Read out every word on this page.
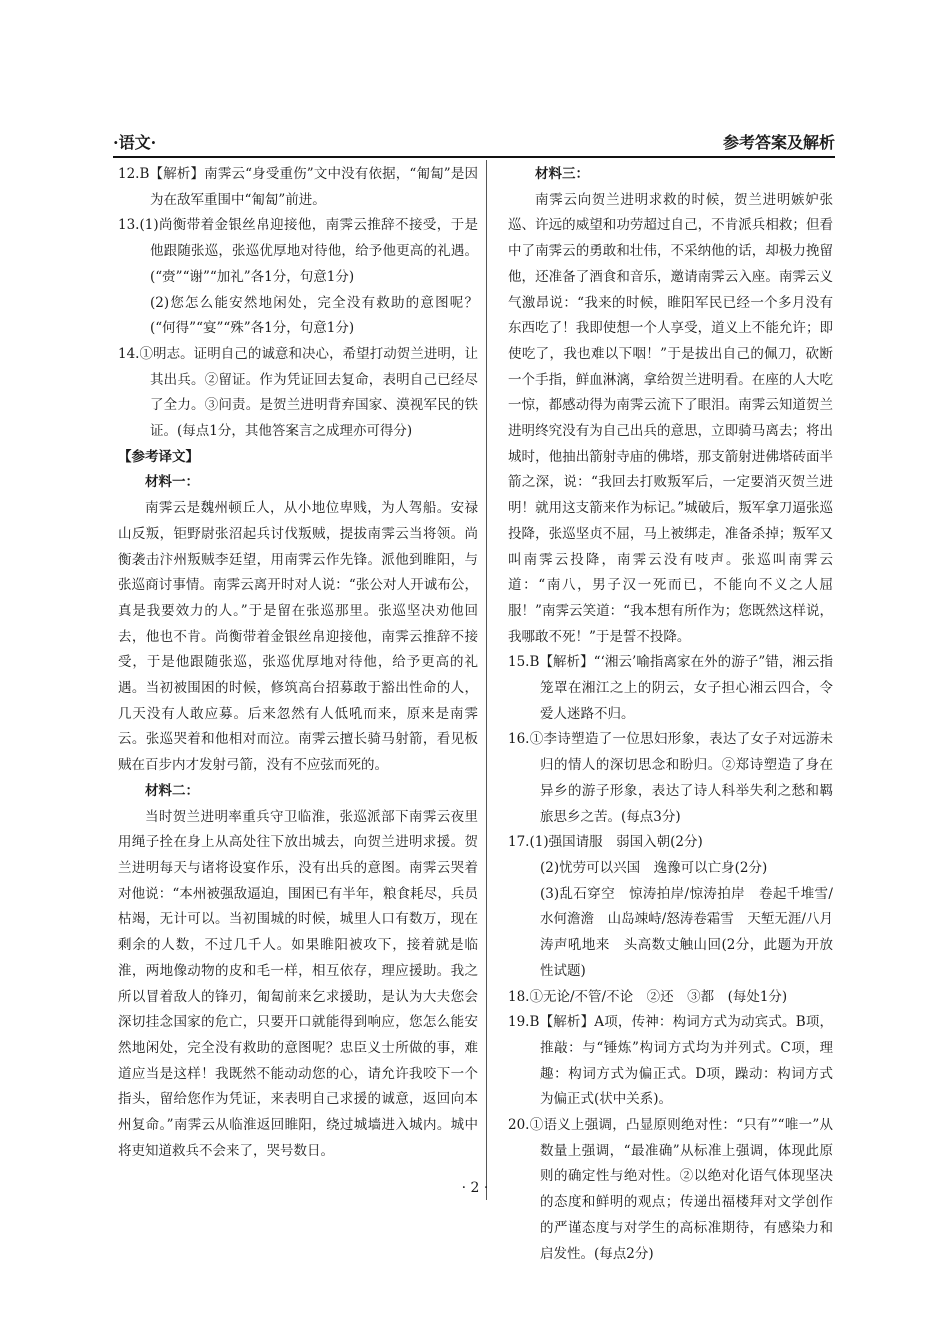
·语文·	参考答案及解析

12.B【解析】南霁云“身受重伤”文中没有依据，“匍匐”是因为在敌军重围中“匍匐”前进。

13.(1)尚衡带着金银丝帛迎接他，南霁云推辞不接受，于是他跟随张巡，张巡优厚地对待他，给予他更高的礼遇。(“赍”“谢”“加礼”各1分，句意1分)

(2)您怎么能安然地闲处，完全没有救助的意图呢？(“何得”“宴”“殊”各1分，句意1分)

14.①明志。证明自己的诚意和决心，希望打动贺兰进明，让其出兵。②留证。作为凭证回去复命，表明自己已经尽了全力。③问责。是贺兰进明背弃国家、漠视军民的铁证。(每点1分，其他答案言之成理亦可得分)

【参考译文】

材料一：

南霁云是魏州顿丘人，从小地位卑贱，为人驾船。安禄山反叛，钜野尉张沼起兵讨伐叛贼，提拔南霁云当将领。尚衡袭击汴州叛贼李廷望，用南霁云作先锋。派他到睢阳，与张巡商讨事情。南霁云离开时对人说：“张公对人开诚布公，真是我要效力的人。”于是留在张巡那里。张巡坚决劝他回去，他也不肯。尚衡带着金银丝帛迎接他，南霁云推辞不接受，于是他跟随张巡，张巡优厚地对待他，给予更高的礼遇。当初被围困的时候，修筑高台招募敢于豁出性命的人，几天没有人敢应募。后来忽然有人低吼而来，原来是南霁云。张巡哭着和他相对而泣。南霁云擅长骑马射箭，看见板贼在百步内才发射弓箭，没有不应弦而死的。

材料二：

当时贺兰进明率重兵守卫临淮，张巡派部下南霁云夜里用绳子拴在身上从高处往下放出城去，向贺兰进明求援。贺兰进明每天与诸将设宴作乐，没有出兵的意图。南霁云哭着对他说：“本州被强敌逼迫，围困已有半年，粮食耗尽，兵员枯竭，无计可以。当初围城的时候，城里人口有数万，现在剩余的人数，不过几千人。如果睢阳被攻下，接着就是临淮，两地像动物的皮和毛一样，相互依存，理应援助。我之所以冒着敌人的锋刃，匍匐前来乞求援助，是认为大夫您会深切挂念国家的危亡，只要开口就能得到响应，您怎么能安然地闲处，完全没有救助的意图呢？忠臣义士所做的事，难道应当是这样！我既然不能动动您的心，请允许我咬下一个指头，留给您作为凭证，来表明自己求援的诚意，返回向本州复命。”南霁云从临淮返回睢阳，绕过城墙进入城内。城中将吏知道救兵不会来了，哭号数日。

材料三：

南霁云向贺兰进明求救的时候，贺兰进明嫉妒张巡、许远的威望和功劳超过自己，不肯派兵相救；但看中了南霁云的勇敢和壮伟，不采纳他的话，却极力挽留他，还准备了酒食和音乐，邀请南霁云入座。南霁云义气激昂说：“我来的时候，睢阳军民已经一个多月没有东西吃了！我即使想一个人享受，道义上不能允许；即使吃了，我也难以下咽！”于是拔出自己的佩刀，砍断一个手指，鲜血淋漓，拿给贺兰进明看。在座的人大吃一惊，都感动得为南霁云流下了眼泪。南霁云知道贺兰进明终究没有为自己出兵的意思，立即骑马离去；将出城时，他抽出箭射寺庙的佛塔，那支箭射进佛塔砖面半箭之深，说：“我回去打败叛军后，一定要消灭贺兰进明！就用这支箭来作为标记。”城破后，叛军拿刀逼张巡投降，张巡坚贞不屈，马上被绑走，准备杀掉；叛军又叫南霁云投降，南霁云没有吱声。张巡叫南霁云道：“南八，男子汉一死而已，不能向不义之人屈服！”南霁云笑道：“我本想有所作为；您既然这样说，我哪敢不死！”于是誓不投降。

15.B【解析】“‘湘云’喻指离家在外的游子”错，湘云指笼罩在湘江之上的阴云，女子担心湘云四合，令爱人迷路不归。

16.①李诗塑造了一位思妇形象，表达了女子对远游未归的情人的深切思念和盼归。②郑诗塑造了身在异乡的游子形象，表达了诗人科举失利之愁和羁旅思乡之苦。(每点3分)

17.(1)强国请服　弱国入朝(2分)

(2)忧劳可以兴国　逸豫可以亡身(2分)

(3)乱石穿空　惊涛拍岸/惊涛拍岸　卷起千堆雪/水何澹澹　山岛竦峙/怒涛卷霜雪　天堑无涯/八月涛声吼地来　头高数丈触山回(2分，此题为开放性试题)

18.①无论/不管/不论　②还　③都　(每处1分)

19.B【解析】A项，传神：构词方式为动宾式。B项，推敲：与“锤炼”构词方式均为并列式。C项，理趣：构词方式为偏正式。D项，躁动：构词方式为偏正式(状中关系)。

20.①语义上强调，凸显原则绝对性：“只有”“唯一”从数量上强调，“最准确”从标准上强调，体现此原则的确定性与绝对性。②以绝对化语气体现坚决的态度和鲜明的观点；传递出福楼拜对文学创作的严谨态度与对学生的高标准期待，有感染力和启发性。(每点2分)

· 2 ·
